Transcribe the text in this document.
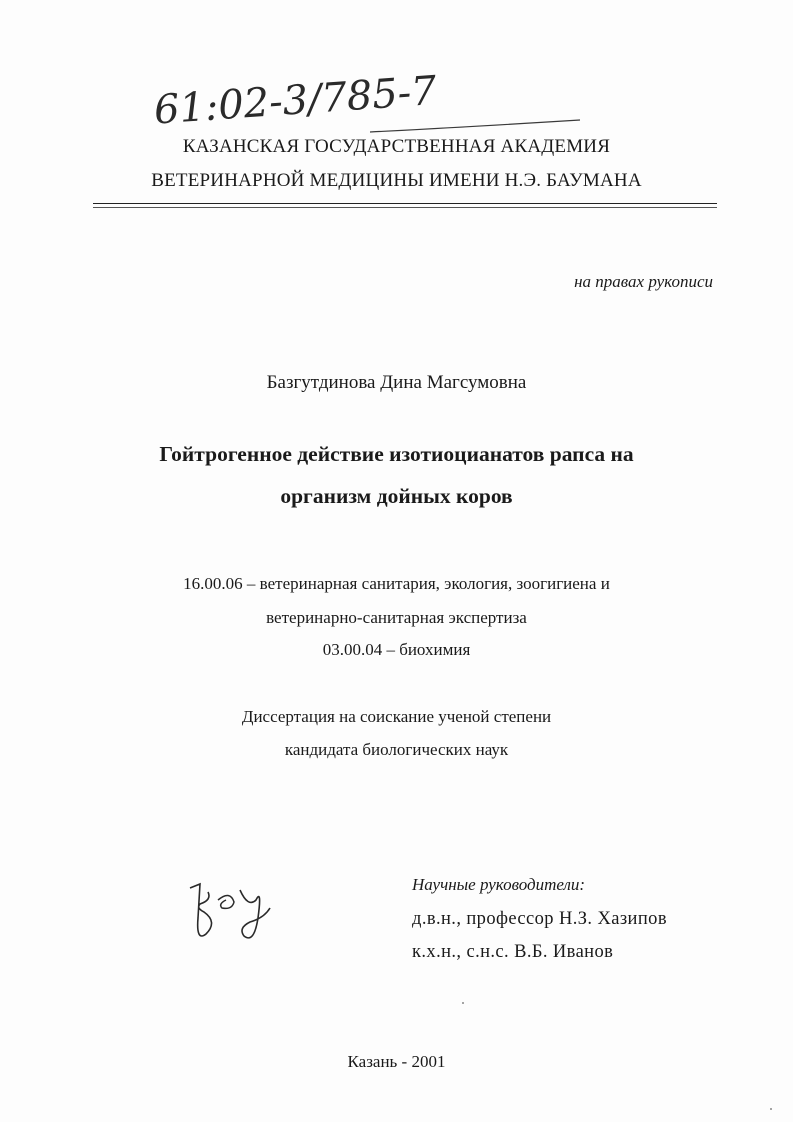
61:02-3/785-7
КАЗАНСКАЯ ГОСУДАРСТВЕННАЯ АКАДЕМИЯ
ВЕТЕРИНАРНОЙ МЕДИЦИНЫ ИМЕНИ Н.Э. БАУМАНА
на правах рукописи
Базгутдинова Дина Магсумовна
Гойтрогенное действие изотиоцианатов рапса на
организм дойных коров
16.00.06 – ветеринарная санитария, экология, зоогигиена и
ветеринарно-санитарная экспертиза
03.00.04 – биохимия
Диссертация на соискание ученой степени
кандидата биологических наук
Научные руководители:
д.в.н., профессор Н.З. Хазипов
к.х.н., с.н.с. В.Б. Иванов
Казань - 2001
